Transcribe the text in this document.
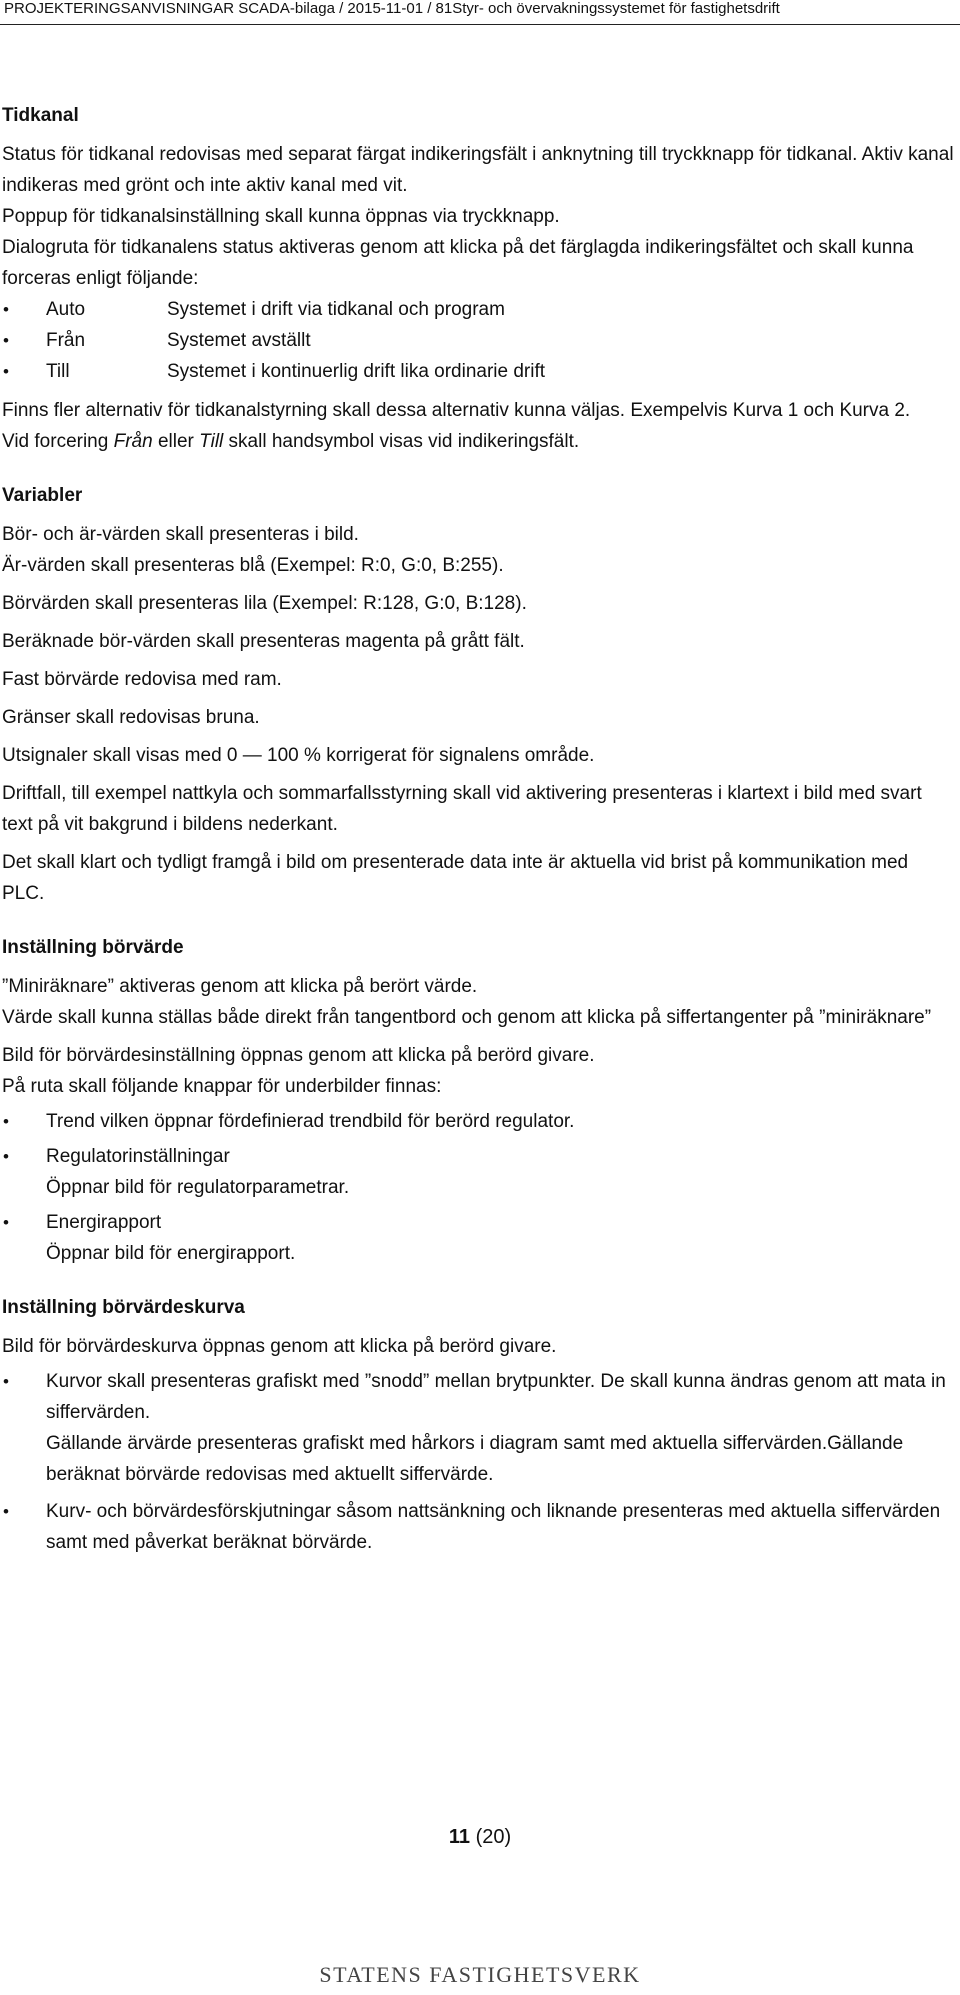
PROJEKTERINGSANVISNINGAR SCADA-bilaga / 2015-11-01 / 81Styr- och övervakningssystemet för fastighetsdrift
Tidkanal

Status för tidkanal redovisas med separat färgat indikeringsfält i anknytning till tryckknapp för tidkanal. Aktiv kanal indikeras med grönt och inte aktiv kanal med vit.

Poppup för tidkanalsinställning skall kunna öppnas via tryckknapp.

Dialogruta för tidkanalens status aktiveras genom att klicka på det färglagda indikeringsfältet och skall kunna forceras enligt följande:

• Auto	Systemet i drift via tidkanal och program
• Från	Systemet avställt
• Till	Systemet i kontinuerlig drift lika ordinarie drift

Finns fler alternativ för tidkanalstyrning skall dessa alternativ kunna väljas. Exempelvis Kurva 1 och Kurva 2.

Vid forcering Från eller Till skall handsymbol visas vid indikeringsfält.

Variabler

Bör- och är-värden skall presenteras i bild.

Är-värden skall presenteras blå (Exempel: R:0, G:0, B:255).

Börvärden skall presenteras lila (Exempel: R:128, G:0, B:128).

Beräknade bör-värden skall presenteras magenta på grått fält.

Fast börvärde redovisa med ram.

Gränser skall redovisas bruna.

Utsignaler skall visas med 0 — 100 % korrigerat för signalens område.

Driftfall, till exempel nattkyla och sommarfallsstyrning skall vid aktivering presenteras i klartext i bild med svart text på vit bakgrund i bildens nederkant.

Det skall klart och tydligt framgå i bild om presenterade data inte är aktuella vid brist på kommunikation med PLC.

Inställning börvärde

”Miniräknare” aktiveras genom att klicka på berört värde.

Värde skall kunna ställas både direkt från tangentbord och genom att klicka på siffertangenter på ”miniräknare”

Bild för börvärdesinställning öppnas genom att klicka på berörd givare.

På ruta skall följande knappar för underbilder finnas:

• Trend vilken öppnar fördefinierad trendbild för berörd regulator.
• Regulatorinställningar
Öppnar bild för regulatorparametrar.
• Energirapport
Öppnar bild för energirapport.
Inställning börvärdeskurva

Bild för börvärdeskurva öppnas genom att klicka på berörd givare.

• Kurvor skall presenteras grafiskt med ”snodd” mellan brytpunkter. De skall kunna ändras genom att mata in siffervärden.
Gällande ärvärde presenteras grafiskt med hårkors i diagram samt med aktuella siffervärden.Gällande beräknat börvärde redovisas med aktuellt siffervärde.
• Kurv- och börvärdesförskjutningar såsom nattsänkning och liknande presenteras med aktuella siffervärden samt med påverkat beräknat börvärde.
11 (20)
STATENS FASTIGHETSVERK
